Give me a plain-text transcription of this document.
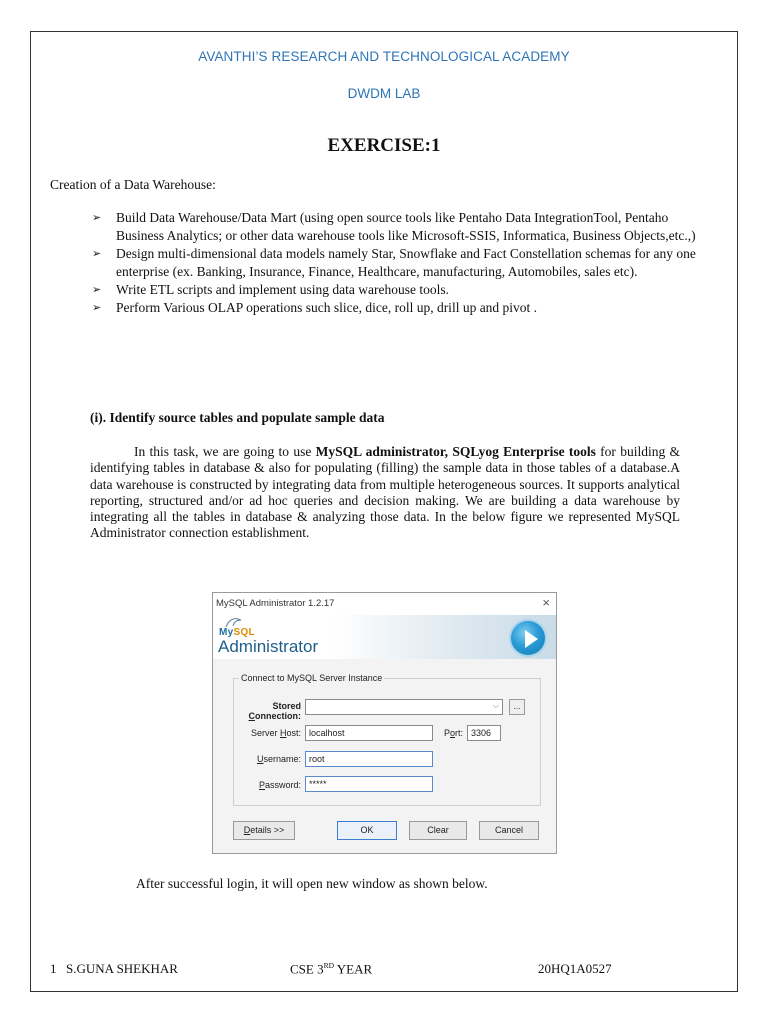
AVANTHI’S RESEARCH AND TECHNOLOGICAL ACADEMY
DWDM LAB
EXERCISE:1
Creation of a Data Warehouse:
➢ Build Data Warehouse/Data Mart (using open source tools like Pentaho Data IntegrationTool, Pentaho Business Analytics; or other data warehouse tools like Microsoft-SSIS, Informatica, Business Objects,etc.,)
➢ Design multi-dimensional data models namely Star, Snowflake and Fact Constellation schemas for any one enterprise (ex. Banking, Insurance, Finance, Healthcare, manufacturing, Automobiles, sales etc).
➢ Write ETL scripts and implement using data warehouse tools.
➢ Perform Various OLAP operations such slice, dice, roll up, drill up and pivot .
(i). Identify source tables and populate sample data
In this task, we are going to use MySQL administrator, SQLyog Enterprise tools for building & identifying tables in database & also for populating (filling) the sample data in those tables of a database.A data warehouse is constructed by integrating data from multiple heterogeneous sources. It supports analytical reporting, structured and/or ad hoc queries and decision making. We are building a data warehouse by integrating all the tables in database & analyzing those data. In the below figure we represented MySQL Administrator connection establishment.
MySQL Administrator 1.2.17	×
MySQL
Administrator
Connect to MySQL Server Instance
Stored Connection:
⌵	...
Server Host: localhost	Port: 3306
Username: root
Password: *****
Details >>	OK	Clear	Cancel
After successful login, it will open new window as shown below.
1 S.GUNA SHEKHAR	CSE 3RD YEAR	20HQ1A0527
